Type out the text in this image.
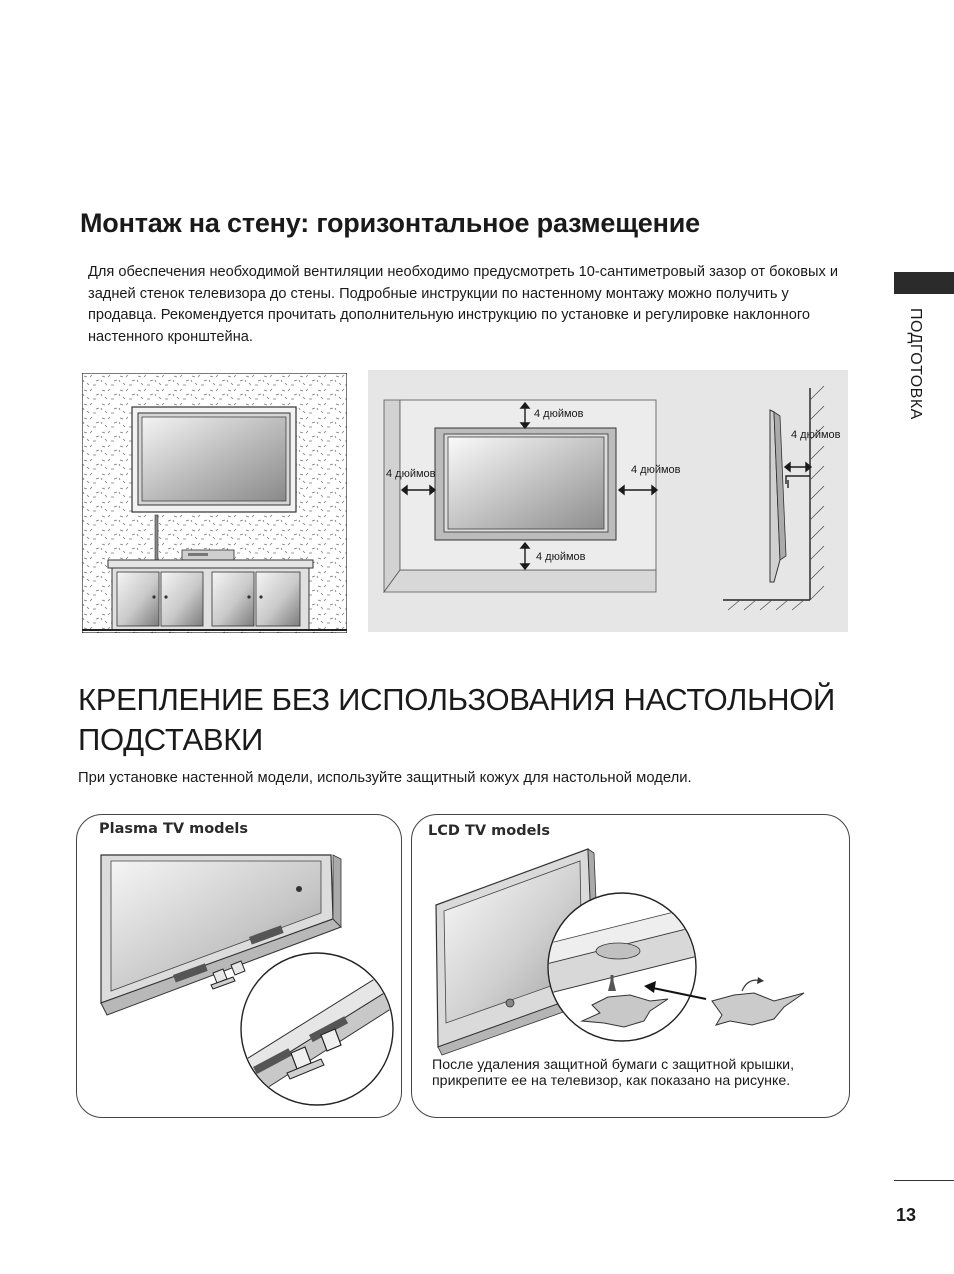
Монтаж на стену: горизонтальное размещение

Для обеспечения необходимой вентиляции необходимо предусмотреть 10-сантиметровый зазор от боковых и задней стенок телевизора до стены. Подробные инструкции по настенному монтажу можно получить у продавца. Рекомендуется прочитать дополнительную инструкцию по установке и регулировке наклонного настенного кронштейна.	ПОДГОТОВКА
4 дюймов
4 дюймов	4 дюймов
4 дюймов
4 дюймов
КРЕПЛЕНИЕ БЕЗ ИСПОЛЬЗОВАНИЯ НАСТОЛЬНОЙ ПОДСТАВКИ

При установке настенной модели, используйте защитный кожух для настольной модели.

Plasma TV models	LCD TV models

После удаления защитной бумаги с защитной крышки, прикрепите ее на телевизор, как показано на рисунке.

13
